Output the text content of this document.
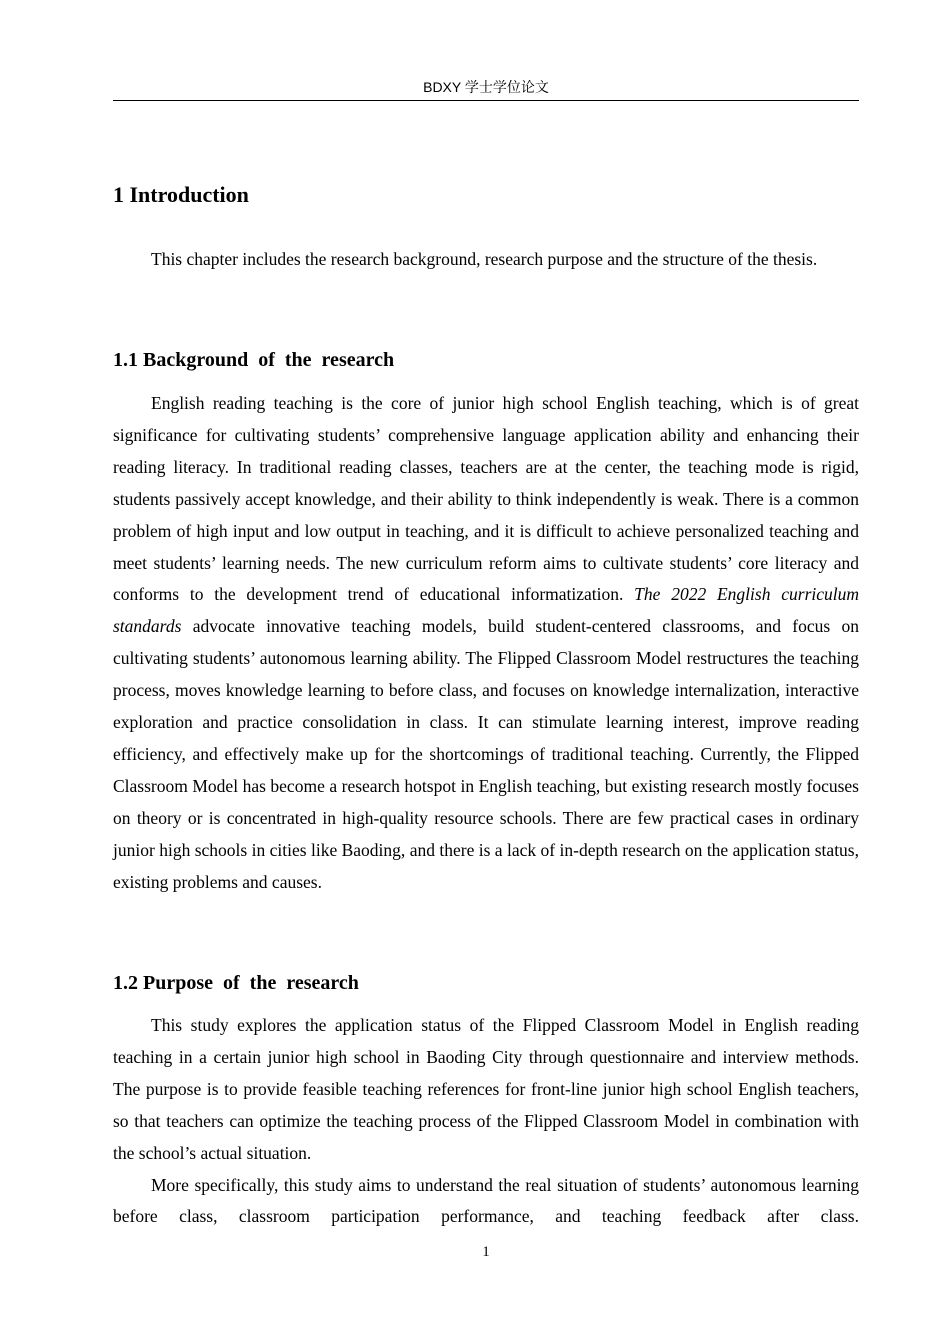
BDXY 学士学位论文
1 Introduction

This chapter includes the research background, research purpose and the structure of the thesis.

1.1 Background  of  the  research

English reading teaching is the core of junior high school English teaching, which is of great significance for cultivating students’ comprehensive language application ability and enhancing their reading literacy. In traditional reading classes, teachers are at the center, the teaching mode is rigid, students passively accept knowledge, and their ability to think independently is weak. There is a common problem of high input and low output in teaching, and it is difficult to achieve personalized teaching and meet students’ learning needs. The new curriculum reform aims to cultivate students’ core literacy and conforms to the development trend of educational informatization. The 2022 English curriculum standards advocate innovative teaching models, build student-centered classrooms, and focus on cultivating students’ autonomous learning ability. The Flipped Classroom Model restructures the teaching process, moves knowledge learning to before class, and focuses on knowledge internalization, interactive exploration and practice consolidation in class. It can stimulate learning interest, improve reading efficiency, and effectively make up for the shortcomings of traditional teaching. Currently, the Flipped Classroom Model has become a research hotspot in English teaching, but existing research mostly focuses on theory or is concentrated in high-quality resource schools. There are few practical cases in ordinary junior high schools in cities like Baoding, and there is a lack of in-depth research on the application status, existing problems and causes.

1.2 Purpose  of  the  research

This study explores the application status of the Flipped Classroom Model in English reading teaching in a certain junior high school in Baoding City through questionnaire and interview methods. The purpose is to provide feasible teaching references for front-line junior high school English teachers, so that teachers can optimize the teaching process of the Flipped Classroom Model in combination with the school’s actual situation.

More specifically, this study aims to understand the real situation of students’ autonomous learning before class, classroom participation performance, and teaching feedback after class.

1
